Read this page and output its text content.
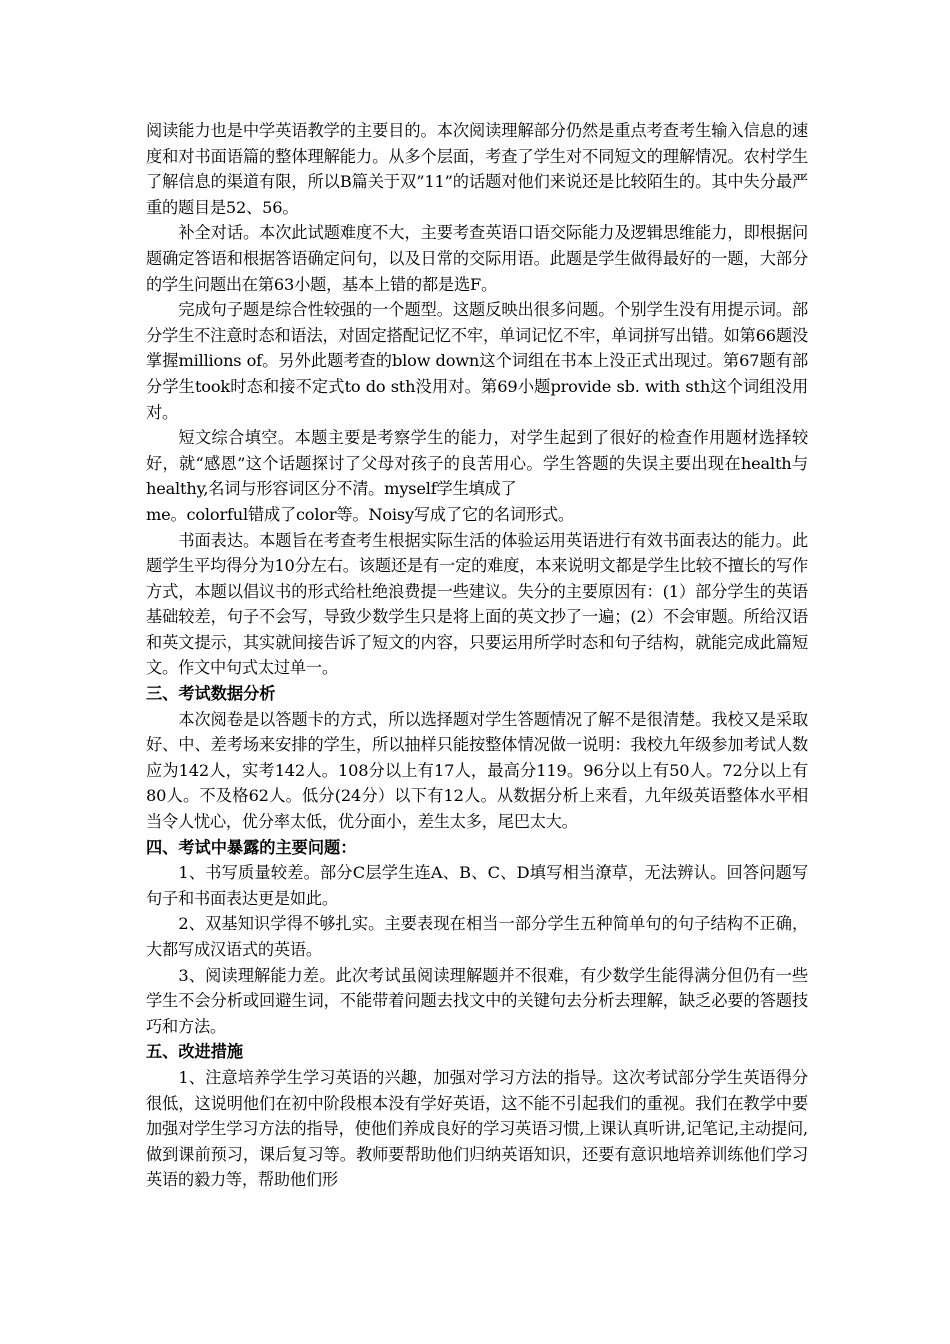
阅读能力也是中学英语教学的主要目的。本次阅读理解部分仍然是重点考查考生输入信息的速度和对书面语篇的整体理解能力。从多个层面，考查了学生对不同短文的理解情况。农村学生了解信息的渠道有限，所以B篇关于双”11”的话题对他们来说还是比较陌生的。其中失分最严重的题目是52、56。

补全对话。本次此试题难度不大，主要考查英语口语交际能力及逻辑思维能力，即根据问题确定答语和根据答语确定问句，以及日常的交际用语。此题是学生做得最好的一题，大部分的学生问题出在第63小题，基本上错的都是选F。

完成句子题是综合性较强的一个题型。这题反映出很多问题。个别学生没有用提示词。部分学生不注意时态和语法，对固定搭配记忆不牢，单词记忆不牢，单词拼写出错。如第66题没掌握millions of。另外此题考查的blow down这个词组在书本上没正式出现过。第67题有部分学生took时态和接不定式to do sth没用对。第69小题provide sb. with sth这个词组没用对。

短文综合填空。本题主要是考察学生的能力，对学生起到了很好的检查作用题材选择较好，就“感恩”这个话题探讨了父母对孩子的良苦用心。学生答题的失误主要出现在health与healthy,名词与形容词区分不清。myself学生填成了
me。colorful错成了color等。Noisy写成了它的名词形式。

书面表达。本题旨在考查考生根据实际生活的体验运用英语进行有效书面表达的能力。此题学生平均得分为10分左右。该题还是有一定的难度，本来说明文都是学生比较不擅长的写作方式，本题以倡议书的形式给杜绝浪费提一些建议。失分的主要原因有：(1）部分学生的英语基础较差，句子不会写，导致少数学生只是将上面的英文抄了一遍；(2）不会审题。所给汉语和英文提示，其实就间接告诉了短文的内容，只要运用所学时态和句子结构，就能完成此篇短文。作文中句式太过单一。

三、考试数据分析

本次阅卷是以答题卡的方式，所以选择题对学生答题情况了解不是很清楚。我校又是采取好、中、差考场来安排的学生，所以抽样只能按整体情况做一说明：我校九年级参加考试人数应为142人，实考142人。108分以上有17人，最高分119。96分以上有50人。72分以上有80人。不及格62人。低分(24分）以下有12人。从数据分析上来看，九年级英语整体水平相当令人忧心，优分率太低，优分面小，差生太多，尾巴太大。

四、考试中暴露的主要问题：

1、书写质量较差。部分C层学生连A、B、C、D填写相当潦草，无法辨认。回答问题写句子和书面表达更是如此。

2、双基知识学得不够扎实。主要表现在相当一部分学生五种简单句的句子结构不正确，大都写成汉语式的英语。

3、阅读理解能力差。此次考试虽阅读理解题并不很难，有少数学生能得满分但仍有一些学生不会分析或回避生词，不能带着问题去找文中的关键句去分析去理解，缺乏必要的答题技巧和方法。

五、改进措施

1、注意培养学生学习英语的兴趣，加强对学习方法的指导。这次考试部分学生英语得分很低，这说明他们在初中阶段根本没有学好英语，这不能不引起我们的重视。我们在教学中要加强对学生学习方法的指导，使他们养成良好的学习英语习惯,上课认真听讲,记笔记,主动提问,做到课前预习，课后复习等。教师要帮助他们归纳英语知识，还要有意识地培养训练他们学习英语的毅力等，帮助他们形
